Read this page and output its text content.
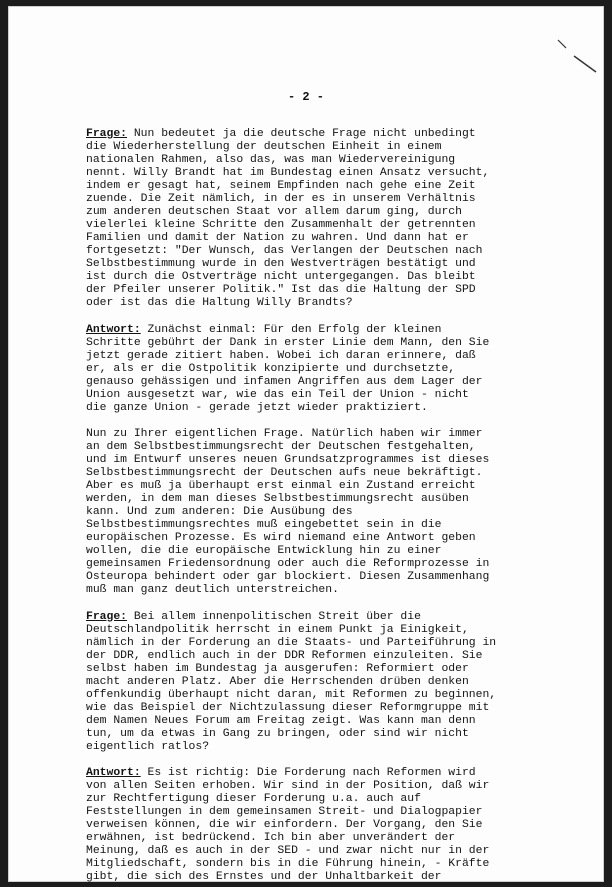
- 2 -
Frage: Nun bedeutet ja die deutsche Frage nicht unbedingt
die Wiederherstellung der deutschen Einheit in einem
nationalen Rahmen, also das, was man Wiedervereinigung
nennt. Willy Brandt hat im Bundestag einen Ansatz versucht,
indem er gesagt hat, seinem Empfinden nach gehe eine Zeit
zuende. Die Zeit nämlich, in der es in unserem Verhältnis
zum anderen deutschen Staat vor allem darum ging, durch
vielerlei kleine Schritte den Zusammenhalt der getrennten
Familien und damit der Nation zu wahren. Und dann hat er
fortgesetzt: "Der Wunsch, das Verlangen der Deutschen nach
Selbstbestimmung wurde in den Westverträgen bestätigt und
ist durch die Ostverträge nicht untergegangen. Das bleibt
der Pfeiler unserer Politik." Ist das die Haltung der SPD
oder ist das die Haltung Willy Brandts?
Antwort: Zunächst einmal: Für den Erfolg der kleinen
Schritte gebührt der Dank in erster Linie dem Mann, den Sie
jetzt gerade zitiert haben. Wobei ich daran erinnere, daß
er, als er die Ostpolitik konzipierte und durchsetzte,
genauso gehässigen und infamen Angriffen aus dem Lager der
Union ausgesetzt war, wie das ein Teil der Union - nicht
die ganze Union - gerade jetzt wieder praktiziert.
Nun zu Ihrer eigentlichen Frage. Natürlich haben wir immer
an dem Selbstbestimmungsrecht der Deutschen festgehalten,
und im Entwurf unseres neuen Grundsatzprogrammes ist dieses
Selbstbestimmungsrecht der Deutschen aufs neue bekräftigt.
Aber es muß ja überhaupt erst einmal ein Zustand erreicht
werden, in dem man dieses Selbstbestimmungsrecht ausüben
kann. Und zum anderen: Die Ausübung des
Selbstbestimmungsrechtes muß eingebettet sein in die
europäischen Prozesse. Es wird niemand eine Antwort geben
wollen, die die europäische Entwicklung hin zu einer
gemeinsamen Friedensordnung oder auch die Reformprozesse in
Osteuropa behindert oder gar blockiert. Diesen Zusammenhang
muß man ganz deutlich unterstreichen.
Frage: Bei allem innenpolitischen Streit über die
Deutschlandpolitik herrscht in einem Punkt ja Einigkeit,
nämlich in der Forderung an die Staats- und Parteiführung in
der DDR, endlich auch in der DDR Reformen einzuleiten. Sie
selbst haben im Bundestag ja ausgerufen: Reformiert oder
macht anderen Platz. Aber die Herrschenden drüben denken
offenkundig überhaupt nicht daran, mit Reformen zu beginnen,
wie das Beispiel der Nichtzulassung dieser Reformgruppe mit
dem Namen Neues Forum am Freitag zeigt. Was kann man denn
tun, um da etwas in Gang zu bringen, oder sind wir nicht
eigentlich ratlos?
Antwort: Es ist richtig: Die Forderung nach Reformen wird
von allen Seiten erhoben. Wir sind in der Position, daß wir
zur Rechtfertigung dieser Forderung u.a. auch auf
Feststellungen in dem gemeinsamen Streit- und Dialogpapier
verweisen können, die wir einfordern. Der Vorgang, den Sie
erwähnen, ist bedrückend. Ich bin aber unverändert der
Meinung, daß es auch in der SED - und zwar nicht nur in der
Mitgliedschaft, sondern bis in die Führung hinein, - Kräfte
gibt, die sich des Ernstes und der Unhaltbarkeit der
